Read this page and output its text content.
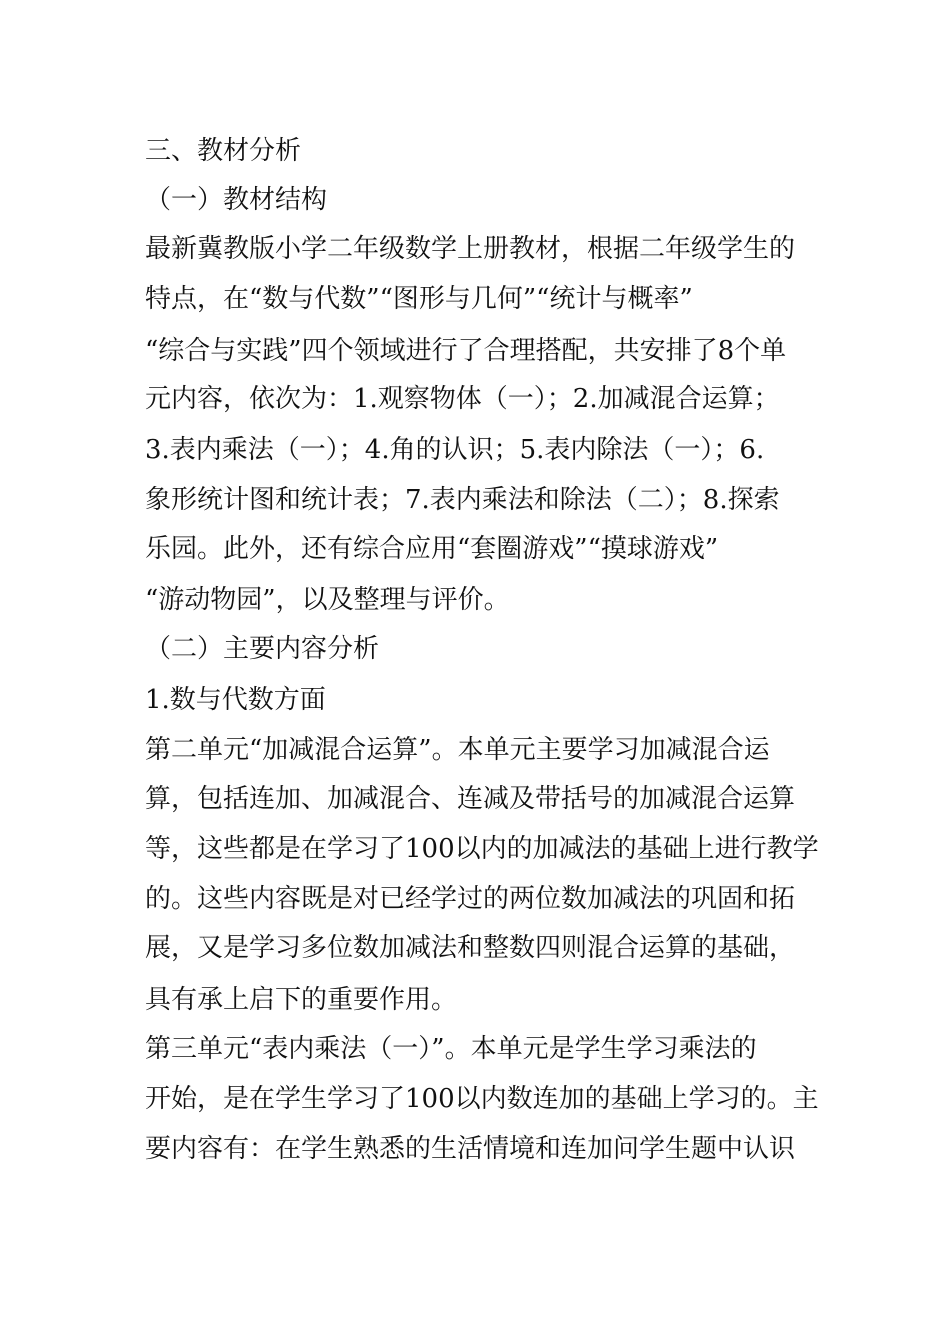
三、教材分析
（一）教材结构
最新冀教版小学二年级数学上册教材，根据二年级学生的
特点，在“数与代数”“图形与几何”“统计与概率”
“综合与实践”四个领域进行了合理搭配，共安排了8个单
元内容，依次为：1.观察物体（一）；2.加减混合运算；
3.表内乘法（一）；4.角的认识；5.表内除法（一）；6.
象形统计图和统计表；7.表内乘法和除法（二）；8.探索
乐园。此外，还有综合应用“套圈游戏”“摸球游戏”
“游动物园”，以及整理与评价。
（二）主要内容分析
1.数与代数方面
第二单元“加减混合运算”。本单元主要学习加减混合运
算，包括连加、加减混合、连减及带括号的加减混合运算
等，这些都是在学习了100以内的加减法的基础上进行教学
的。这些内容既是对已经学过的两位数加减法的巩固和拓
展，又是学习多位数加减法和整数四则混合运算的基础，
具有承上启下的重要作用。
第三单元“表内乘法（一）”。本单元是学生学习乘法的
开始，是在学生学习了100以内数连加的基础上学习的。主
要内容有：在学生熟悉的生活情境和连加问学生题中认识
